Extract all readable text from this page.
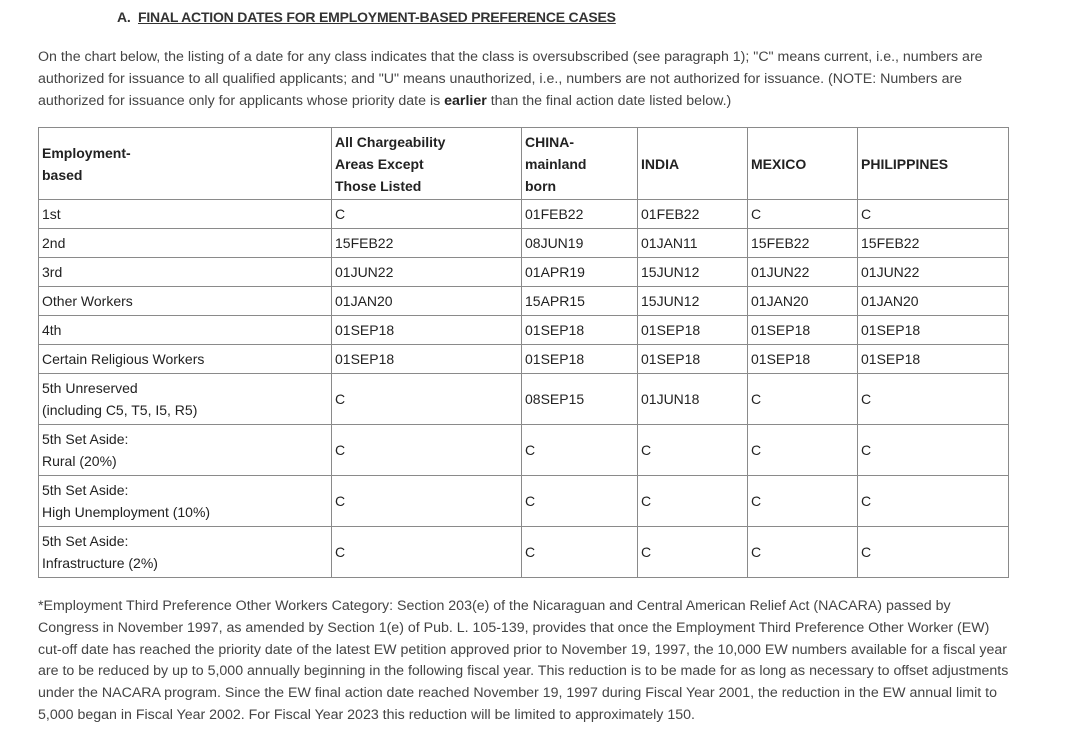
A. FINAL ACTION DATES FOR EMPLOYMENT-BASED PREFERENCE CASES

On the chart below, the listing of a date for any class indicates that the class is oversubscribed (see paragraph 1); "C" means current, i.e., numbers are authorized for issuance to all qualified applicants; and "U" means unauthorized, i.e., numbers are not authorized for issuance. (NOTE: Numbers are authorized for issuance only for applicants whose priority date is earlier than the final action date listed below.)

Employment-
based	All Chargeability
Areas Except
Those Listed	CHINA-
mainland
born	INDIA	MEXICO	PHILIPPINES
1st	C	01FEB22	01FEB22	C	C
2nd	15FEB22	08JUN19	01JAN11	15FEB22	15FEB22
3rd	01JUN22	01APR19	15JUN12	01JUN22	01JUN22
Other Workers	01JAN20	15APR15	15JUN12	01JAN20	01JAN20
4th	01SEP18	01SEP18	01SEP18	01SEP18	01SEP18
Certain Religious Workers	01SEP18	01SEP18	01SEP18	01SEP18	01SEP18
5th Unreserved
(including C5, T5, I5, R5)	C	08SEP15	01JUN18	C	C
5th Set Aside:
Rural (20%)	C	C	C	C	C
5th Set Aside:
High Unemployment (10%)	C	C	C	C	C
5th Set Aside:
Infrastructure (2%)	C	C	C	C	C

*Employment Third Preference Other Workers Category: Section 203(e) of the Nicaraguan and Central American Relief Act (NACARA) passed by Congress in November 1997, as amended by Section 1(e) of Pub. L. 105-139, provides that once the Employment Third Preference Other Worker (EW) cut-off date has reached the priority date of the latest EW petition approved prior to November 19, 1997, the 10,000 EW numbers available for a fiscal year are to be reduced by up to 5,000 annually beginning in the following fiscal year. This reduction is to be made for as long as necessary to offset adjustments under the NACARA program. Since the EW final action date reached November 19, 1997 during Fiscal Year 2001, the reduction in the EW annual limit to 5,000 began in Fiscal Year 2002. For Fiscal Year 2023 this reduction will be limited to approximately 150.
